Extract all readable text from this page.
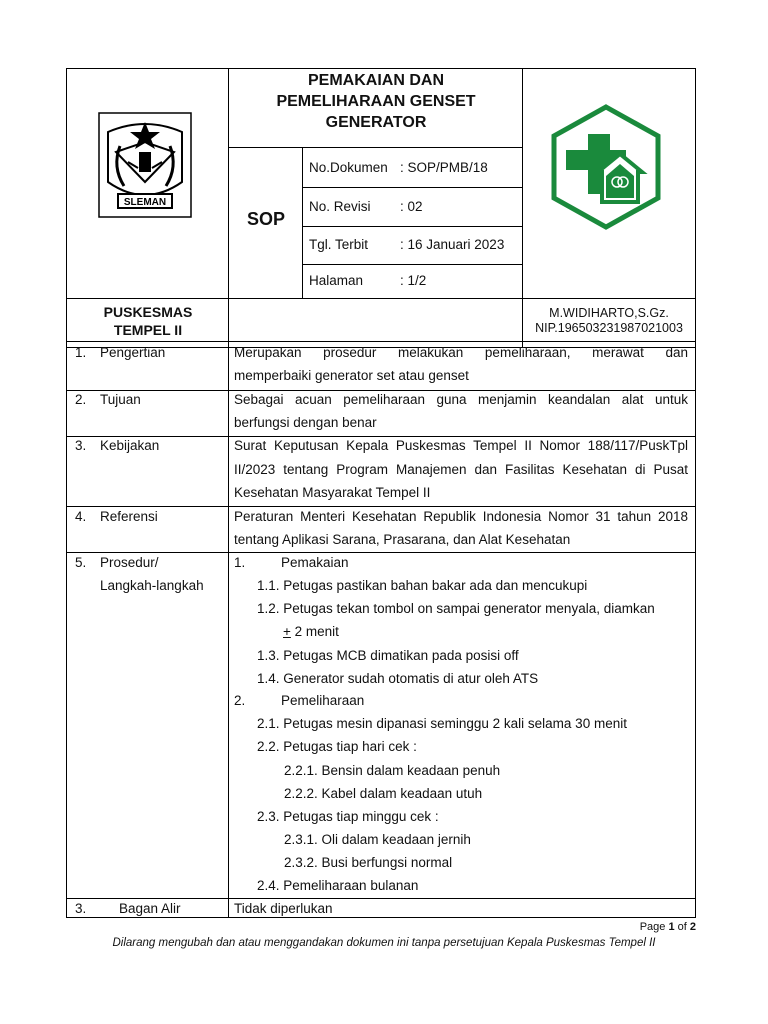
SLEMAN
PEMAKAIAN DAN
PEMELIHARAAN GENSET
GENERATOR
SOP
No.Dokumen : SOP/PMB/18
No. Revisi : 02
Tgl. Terbit : 16 Januari 2023
Halaman	: 1/2
PUSKESMAS
TEMPEL II
M.WIDIHARTO,S.Gz.
NIP.196503231987021003
1. Pengertian	Merupakan prosedur melakukan pemeliharaan, merawat dan
memperbaiki generator set atau genset
2. Tujuan	Sebagai acuan pemeliharaan guna menjamin keandalan alat untuk
berfungsi dengan benar
3. Kebijakan	Surat Keputusan Kepala Puskesmas Tempel II Nomor 188/117/PuskTpl
II/2023 tentang Program Manajemen dan Fasilitas Kesehatan di Pusat
Kesehatan Masyarakat Tempel II
4. Referensi	Peraturan Menteri Kesehatan Republik Indonesia Nomor 31 tahun 2018
tentang Aplikasi Sarana, Prasarana, dan Alat Kesehatan
5. Prosedur/
Langkah-langkah
1.	Pemakaian
1.1. Petugas pastikan bahan bakar ada dan mencukupi
1.2. Petugas tekan tombol on sampai generator menyala, diamkan
+ 2 menit
1.3. Petugas MCB dimatikan pada posisi off
1.4. Generator sudah otomatis di atur oleh ATS
2.	Pemeliharaan
2.1. Petugas mesin dipanasi seminggu 2 kali selama 30 menit
2.2. Petugas tiap hari cek :
2.2.1. Bensin dalam keadaan penuh
2.2.2. Kabel dalam keadaan utuh
2.3. Petugas tiap minggu cek :
2.3.1. Oli dalam keadaan jernih
2.3.2. Busi berfungsi normal
2.4. Pemeliharaan bulanan
3. Bagan Alir	Tidak diperlukan
Page 1 of 2
Dilarang mengubah dan atau menggandakan dokumen ini tanpa persetujuan Kepala Puskesmas Tempel II
